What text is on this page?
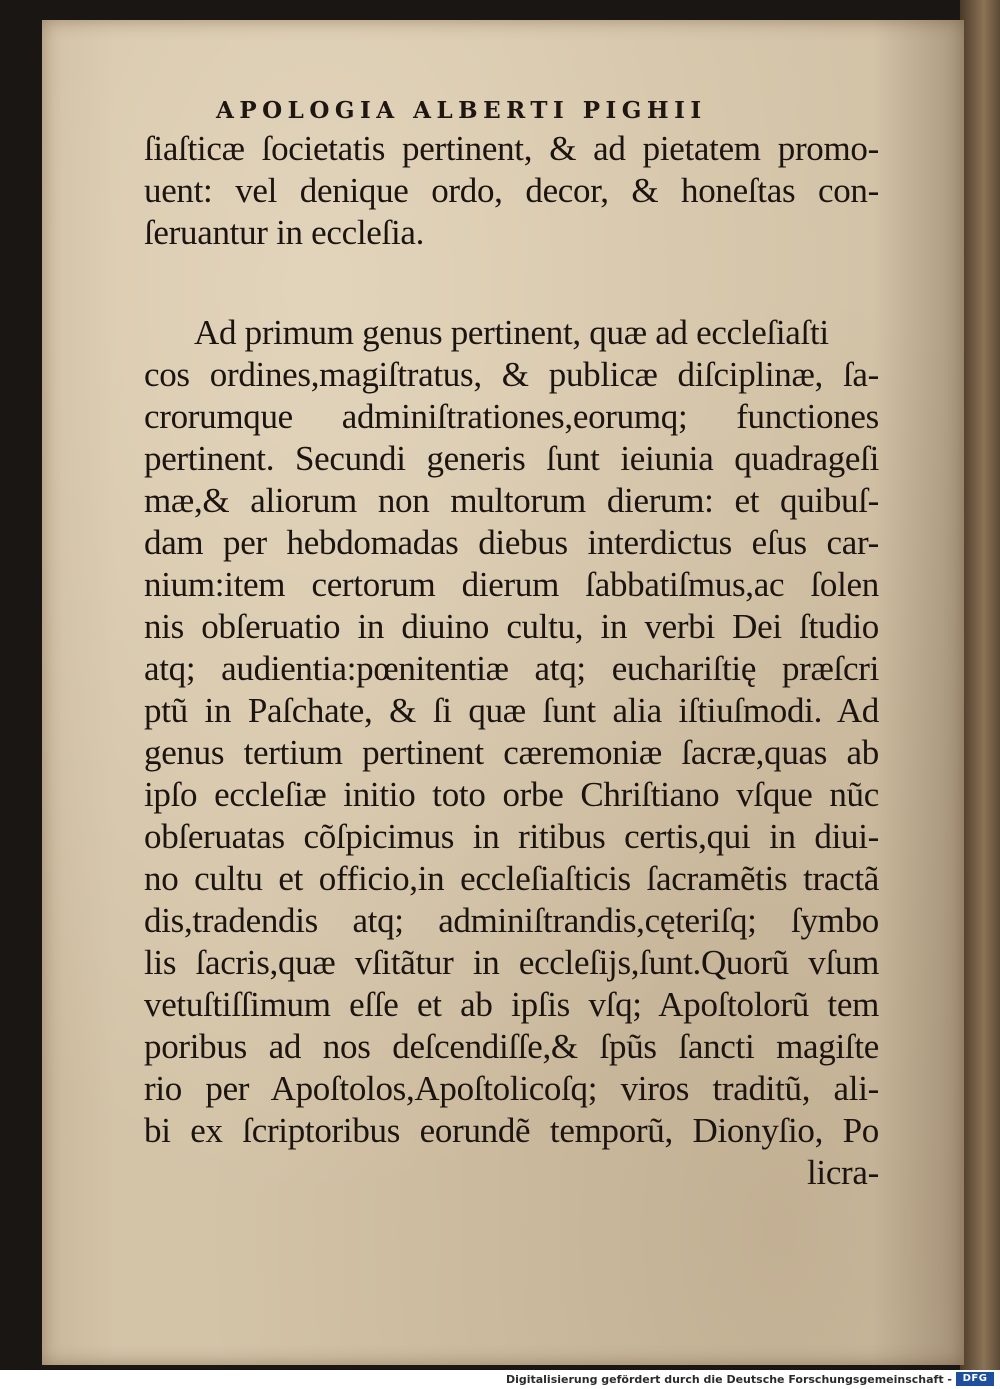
APOLOGIA ALBERTI PIGHII
ſiaſticæ ſocietatis pertinent, & ad pietatem promo-
uent: vel denique ordo, decor, & honeſtas con-
ſeruantur in eccleſia.
Ad primum genus pertinent, quæ ad eccleſiaſti
cos ordines,magiſtratus, & publicæ diſciplinæ, ſa-
crorumque adminiſtrationes,eorumq; functiones
pertinent. Secundi generis ſunt ieiunia quadrageſi
mæ,& aliorum non multorum dierum: et quibuſ-
dam per hebdomadas diebus interdictus eſus car-
nium:item certorum dierum ſabbatiſmus,ac ſolen
nis obſeruatio in diuino cultu, in verbi Dei ſtudio
atq; audientia:pœnitentiæ atq; euchariſtię præſcri
ptũ in Paſchate, & ſi quæ ſunt alia iſtiuſmodi. Ad
genus tertium pertinent cæremoniæ ſacræ,quas ab
ipſo eccleſiæ initio toto orbe Chriſtiano vſque nũc
obſeruatas cõſpicimus in ritibus certis,qui in diui-
no cultu et officio,in eccleſiaſticis ſacramẽtis tractã
dis,tradendis atq; adminiſtrandis,cęteriſq; ſymbo
lis ſacris,quæ vſitãtur in eccleſijs,ſunt.Quorũ vſum
vetuſtiſſimum eſſe et ab ipſis vſq; Apoſtolorũ tem
poribus ad nos deſcendiſſe,& ſpũs ſancti magiſte
rio per Apoſtolos,Apoſtolicoſq; viros traditũ, ali-
bi ex ſcriptoribus eorundẽ temporũ, Dionyſio, Po
licra-
Digitalisierung gefördert durch die Deutsche Forschungsgemeinschaft -	DFG
